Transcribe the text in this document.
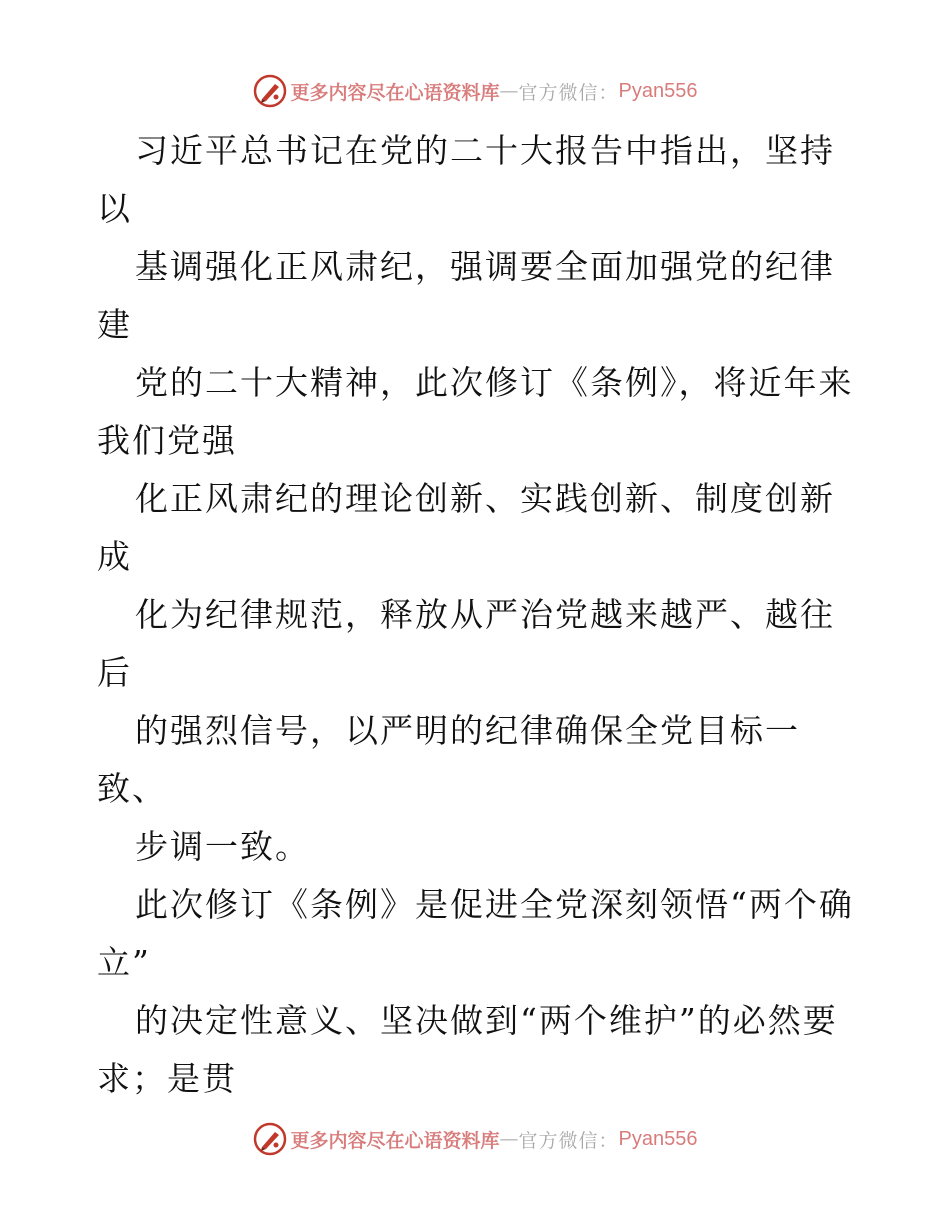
更多内容尽在心语资料库 — 官方微信： Pyan556

习近平总书记在党的二十大报告中指出，坚持以

基调强化正风肃纪，强调要全面加强党的纪律建

党的二十大精神，此次修订《条例》，将近年来
我们党强

化正风肃纪的理论创新、实践创新、制度创新成

化为纪律规范，释放从严治党越来越严、越往后

的强烈信号，以严明的纪律确保全党目标一致、

步调一致。

此次修订《条例》是促进全党深刻领悟“两个确
立”

的决定性意义、坚决做到“两个维护”的必然要
求；是贯

更多内容尽在心语资料库 — 官方微信： Pyan556
